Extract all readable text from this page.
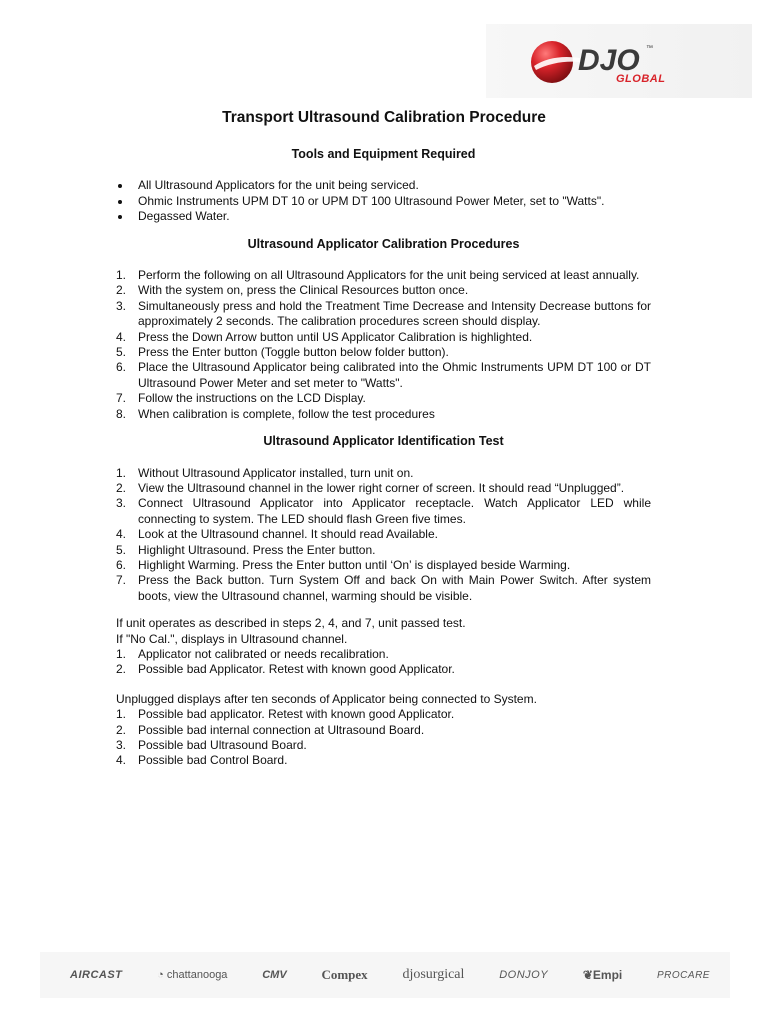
DJO ™
GLOBAL
Transport Ultrasound Calibration Procedure
Tools and Equipment Required
All Ultrasound Applicators for the unit being serviced.
Ohmic Instruments UPM DT 10 or UPM DT 100 Ultrasound Power Meter, set to "Watts".
Degassed Water.
Ultrasound Applicator Calibration Procedures
1. Perform the following on all Ultrasound Applicators for the unit being serviced at least annually.
2. With the system on, press the Clinical Resources button once.
3. Simultaneously press and hold the Treatment Time Decrease and Intensity Decrease buttons for approximately 2 seconds. The calibration procedures screen should display.
4. Press the Down Arrow button until US Applicator Calibration is highlighted.
5. Press the Enter button (Toggle button below folder button).
6. Place the Ultrasound Applicator being calibrated into the Ohmic Instruments UPM DT 100 or DT Ultrasound Power Meter and set meter to "Watts".
7. Follow the instructions on the LCD Display.
8. When calibration is complete, follow the test procedures
Ultrasound Applicator Identification Test
1. Without Ultrasound Applicator installed, turn unit on.
2. View the Ultrasound channel in the lower right corner of screen. It should read “Unplugged”.
3. Connect Ultrasound Applicator into Applicator receptacle. Watch Applicator LED while connecting to system. The LED should flash Green five times.
4. Look at the Ultrasound channel. It should read Available.
5. Highlight Ultrasound. Press the Enter button.
6. Highlight Warming. Press the Enter button until ‘On’ is displayed beside Warming.
7. Press the Back button. Turn System Off and back On with Main Power Switch. After system boots, view the Ultrasound channel, warming should be visible.

If unit operates as described in steps 2, 4, and 7, unit passed test.

If "No Cal.", displays in Ultrasound channel.

1. Applicator not calibrated or needs recalibration.
2. Possible bad Applicator. Retest with known good Applicator.

Unplugged displays after ten seconds of Applicator being connected to System.

1. Possible bad applicator. Retest with known good Applicator.
2. Possible bad internal connection at Ultrasound Board.
3. Possible bad Ultrasound Board.
4. Possible bad Control Board.
AIRCAST	◔ chattanooga	CMV	Compex djosurgical	DONJOY	❦Empi	PROCARE
